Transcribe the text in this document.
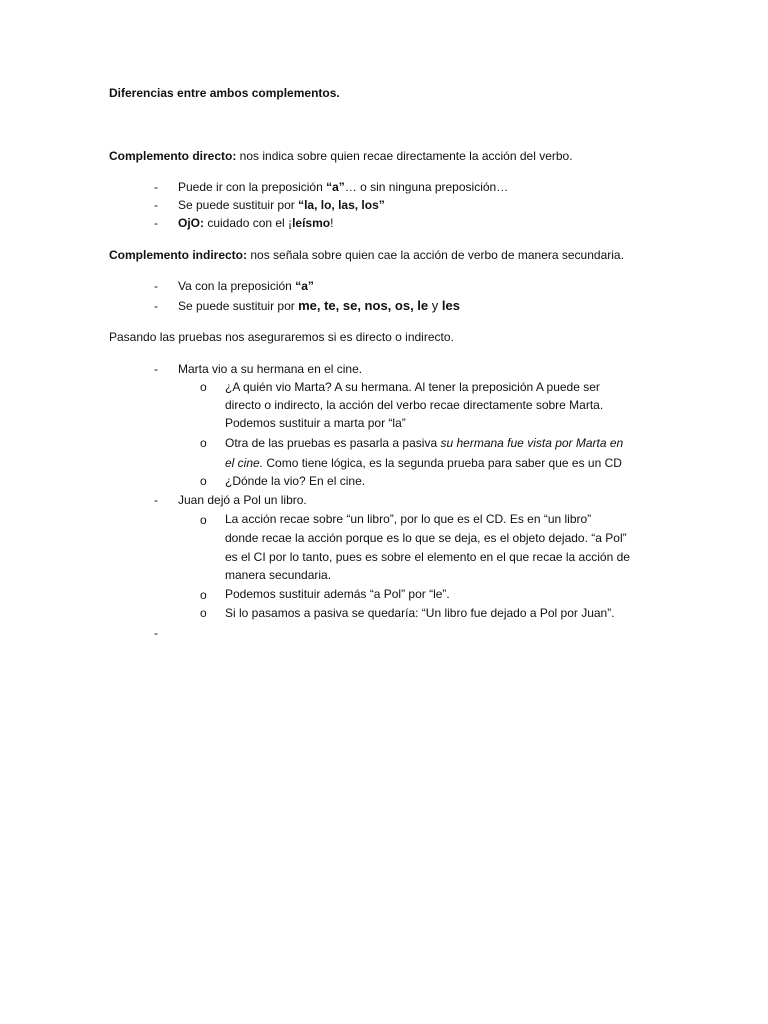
Diferencias entre ambos complementos.
Complemento directo: nos indica sobre quien recae directamente la acción del verbo.
-	Puede ir con la preposición “a”… o sin ninguna preposición…
-	Se puede sustituir por “la, lo, las, los”
-	OjO: cuidado con el ¡leísmo!
Complemento indirecto: nos señala sobre quien cae la acción de verbo de manera secundaria.
-	Va con la preposición “a”
-	Se puede sustituir por me, te, se, nos, os, le y les
Pasando las pruebas nos aseguraremos si es directo o indirecto.
-	Marta vio a su hermana en el cine.
o ¿A quién vio Marta? A su hermana. Al tener la preposición A puede ser
directo o indirecto, la acción del verbo recae directamente sobre Marta.
Podemos sustituir a marta por “la”
o Otra de las pruebas es pasarla a pasiva su hermana fue vista por Marta en
el cine. Como tiene lógica, es la segunda prueba para saber que es un CD
o ¿Dónde la vio? En el cine.
-	Juan dejó a Pol un libro.
o La acción recae sobre “un libro”, por lo que es el CD. Es en “un libro”
donde recae la acción porque es lo que se deja, es el objeto dejado. “a Pol”
es el CI por lo tanto, pues es sobre el elemento en el que recae la acción de
manera secundaria.
o Podemos sustituir además “a Pol” por “le”.
o Si lo pasamos a pasiva se quedaría: “Un libro fue dejado a Pol por Juan”.
-
